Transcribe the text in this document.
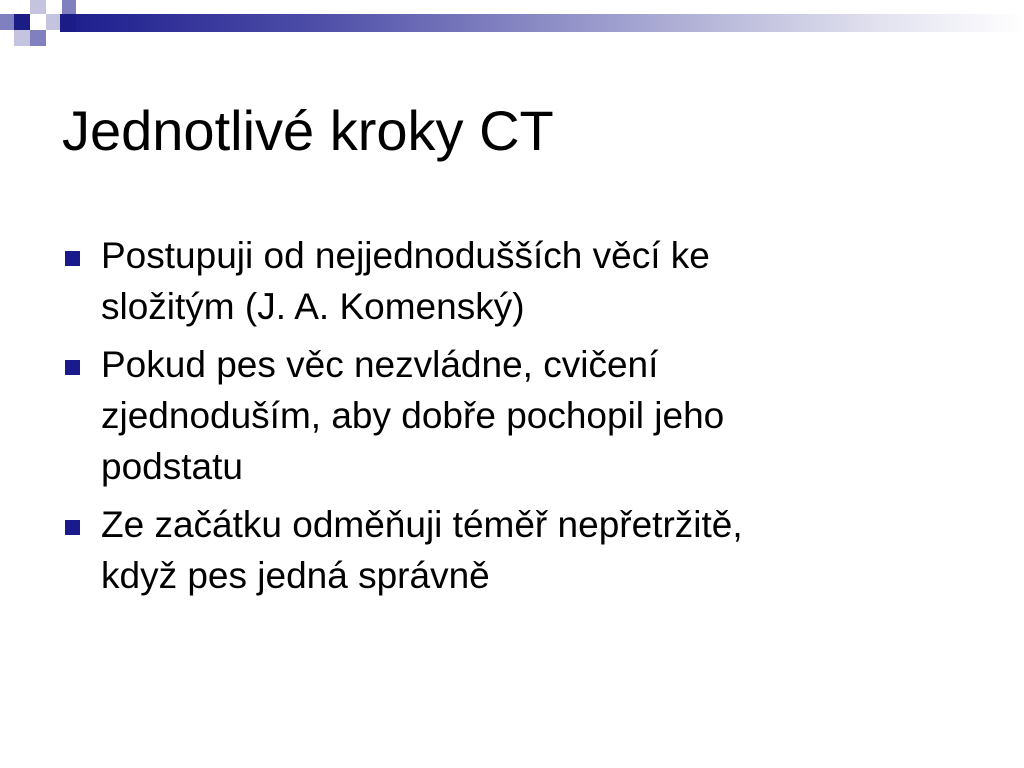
Jednotlivé kroky CT
Postupuji od nejjednodušších věcí ke
složitým (J. A. Komenský)
Pokud pes věc nezvládne, cvičení
zjednoduším, aby dobře pochopil jeho
podstatu
Ze začátku odměňuji téměř nepřetržitě,
když pes jedná správně
